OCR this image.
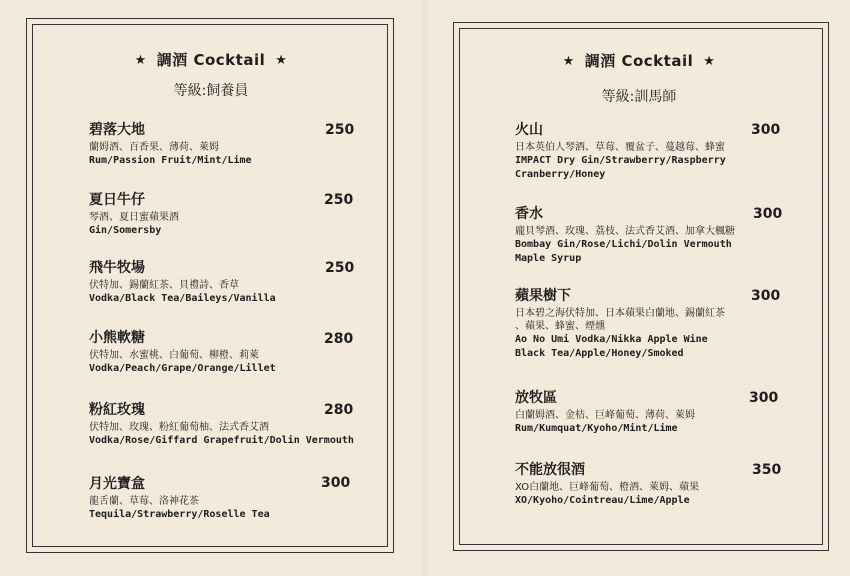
★ 調酒 Cocktail ★
等級:飼養員
碧落大地
蘭姆酒、百香果、薄荷、萊姆
Rum/Passion Fruit/Mint/Lime
250
夏日牛仔
琴酒、夏日蜜蘋果酒
Gin/Somersby
250
飛牛牧場
伏特加、錫蘭紅茶、貝禮詩、香草
Vodka/Black Tea/Baileys/Vanilla
250
小熊軟糖
伏特加、水蜜桃、白葡萄、柳橙、莉萊
Vodka/Peach/Grape/Orange/Lillet
280
粉紅玫瑰
伏特加、玫瑰、粉紅葡萄柚、法式香艾酒
Vodka/Rose/Giffard Grapefruit/Dolin Vermouth
280
月光寶盒
龍舌蘭、草莓、洛神花茶
Tequila/Strawberry/Roselle Tea
300
★ 調酒 Cocktail ★
等級:訓馬師
火山
日本英伯人琴酒、草莓、覆盆子、蔓越莓、蜂蜜
IMPACT Dry Gin/Strawberry/Raspberry
Cranberry/Honey
300
香水
龐貝琴酒、玫瑰、荔枝、法式香艾酒、加拿大楓糖
Bombay Gin/Rose/Lichi/Dolin Vermouth
Maple Syrup
300
蘋果樹下
日本碧之海伏特加、日本蘋果白蘭地、錫蘭紅茶
、蘋果、蜂蜜、煙燻
Ao No Umi Vodka/Nikka Apple Wine
Black Tea/Apple/Honey/Smoked
300
放牧區
白蘭姆酒、金桔、巨峰葡萄、薄荷、萊姆
Rum/Kumquat/Kyoho/Mint/Lime
300
不能放很酒
XO白蘭地、巨峰葡萄、橙酒、萊姆、蘋果
XO/Kyoho/Cointreau/Lime/Apple
350
